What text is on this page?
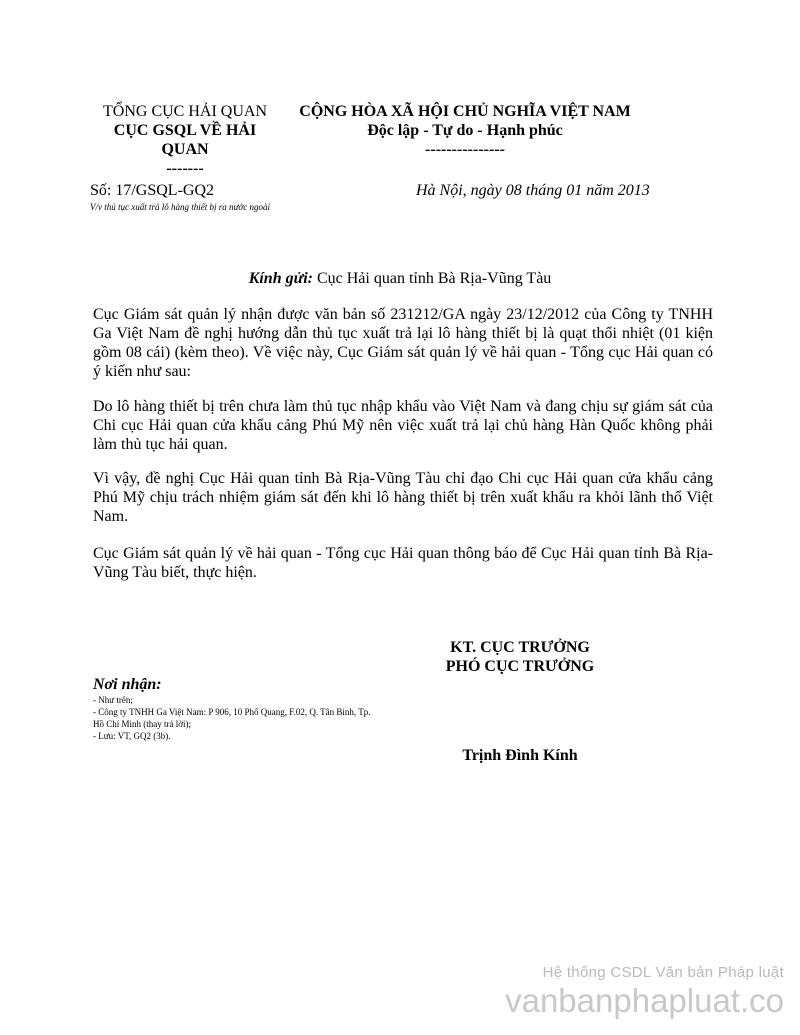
TỔNG CỤC HẢI QUAN
CỤC GSQL VỀ HẢI
QUAN
-------
CỘNG HÒA XÃ HỘI CHỦ NGHĨA VIỆT NAM
Độc lập - Tự do - Hạnh phúc
---------------
Số: 17/GSQL-GQ2
V/v thủ tục xuất trả lô hàng thiết bị ra nước ngoài
Hà Nội, ngày 08 tháng 01 năm 2013
Kính gửi: Cục Hải quan tỉnh Bà Rịa-Vũng Tàu
Cục Giám sát quản lý nhận được văn bản số 231212/GA ngày 23/12/2012 của Công ty TNHH Ga Việt Nam đề nghị hướng dẫn thủ tục xuất trả lại lô hàng thiết bị là quạt thổi nhiệt (01 kiện gồm 08 cái) (kèm theo). Về việc này, Cục Giám sát quản lý về hải quan - Tổng cục Hải quan có ý kiến như sau:
Do lô hàng thiết bị trên chưa làm thủ tục nhập khẩu vào Việt Nam và đang chịu sự giám sát của Chi cục Hải quan cửa khẩu cảng Phú Mỹ nên việc xuất trả lại chủ hàng Hàn Quốc không phải làm thủ tục hải quan.
Vì vậy, đề nghị Cục Hải quan tỉnh Bà Rịa-Vũng Tàu chỉ đạo Chi cục Hải quan cửa khẩu cảng Phú Mỹ chịu trách nhiệm giám sát đến khi lô hàng thiết bị trên xuất khẩu ra khỏi lãnh thổ Việt Nam.
Cục Giám sát quản lý về hải quan - Tổng cục Hải quan thông báo để Cục Hải quan tỉnh Bà Rịa-Vũng Tàu biết, thực hiện.
KT. CỤC TRƯỞNG
PHÓ CỤC TRƯỞNG
Trịnh Đình Kính
Nơi nhận:
- Như trên;
- Công ty TNHH Ga Việt Nam: P 906, 10 Phố Quang, F.02, Q. Tân Bình, Tp. Hồ Chí Minh (thay trả lời);
- Lưu: VT, GQ2 (3b).
Hệ thống CSDL Văn bản Pháp luật
vanbanphapluat.co
